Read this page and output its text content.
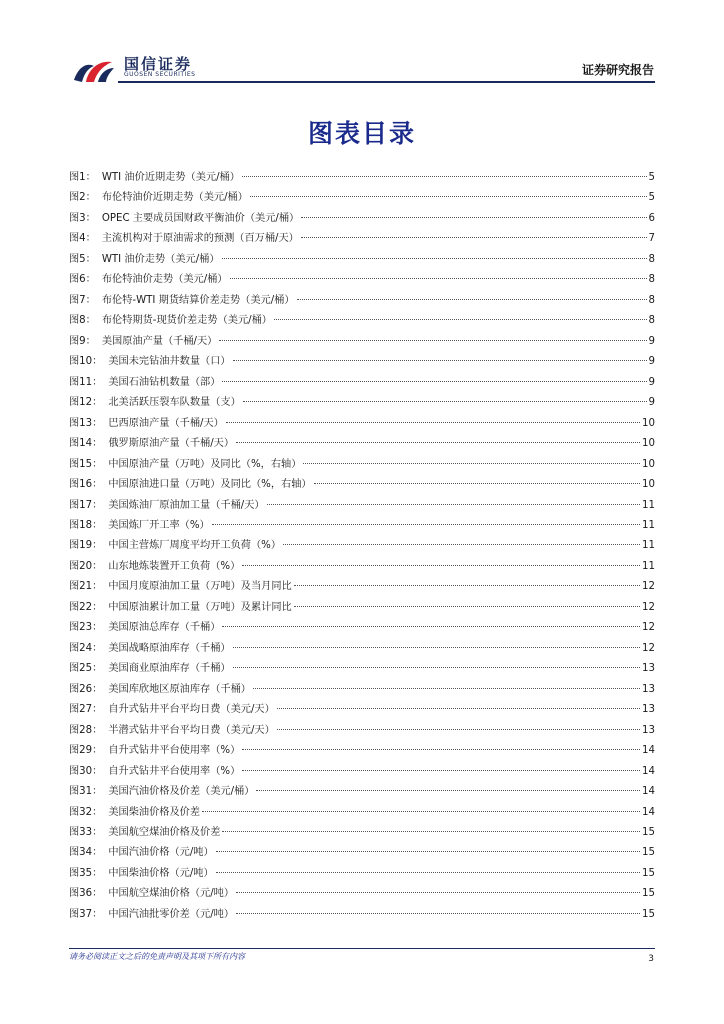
国信证券
GUOSEN SECURITIES	证券研究报告
图表目录
图1： WTI 油价近期走势（美元/桶）	5
图2： 布伦特油价近期走势（美元/桶）	5
图3： OPEC 主要成员国财政平衡油价（美元/桶）	6
图4： 主流机构对于原油需求的预测（百万桶/天）	7
图5： WTI 油价走势（美元/桶）	8
图6： 布伦特油价走势（美元/桶）	8
图7： 布伦特-WTI 期货结算价差走势（美元/桶）	8
图8： 布伦特期货-现货价差走势（美元/桶）	8
图9： 美国原油产量（千桶/天）	9
图10： 美国未完钻油井数量（口）	9
图11： 美国石油钻机数量（部）	9
图12： 北美活跃压裂车队数量（支）	9
图13： 巴西原油产量（千桶/天）	10
图14： 俄罗斯原油产量（千桶/天）	10
图15： 中国原油产量（万吨）及同比（%，右轴）	10
图16： 中国原油进口量（万吨）及同比（%，右轴）	10
图17： 美国炼油厂原油加工量（千桶/天）	11
图18： 美国炼厂开工率（%）	11
图19： 中国主营炼厂周度平均开工负荷（%）	11
图20： 山东地炼装置开工负荷（%）	11
图21： 中国月度原油加工量（万吨）及当月同比	12
图22： 中国原油累计加工量（万吨）及累计同比	12
图23： 美国原油总库存（千桶）	12
图24： 美国战略原油库存（千桶）	12
图25： 美国商业原油库存（千桶）	13
图26： 美国库欣地区原油库存（千桶）	13
图27： 自升式钻井平台平均日费（美元/天）	13
图28： 半潜式钻井平台平均日费（美元/天）	13
图29： 自升式钻井平台使用率（%）	14
图30： 自升式钻井平台使用率（%）	14
图31： 美国汽油价格及价差（美元/桶）	14
图32： 美国柴油价格及价差	14
图33： 美国航空煤油价格及价差	15
图34： 中国汽油价格（元/吨）	15
图35： 中国柴油价格（元/吨）	15
图36： 中国航空煤油价格（元/吨）	15
图37： 中国汽油批零价差（元/吨）	15
请务必阅读正文之后的免责声明及其项下所有内容	3
